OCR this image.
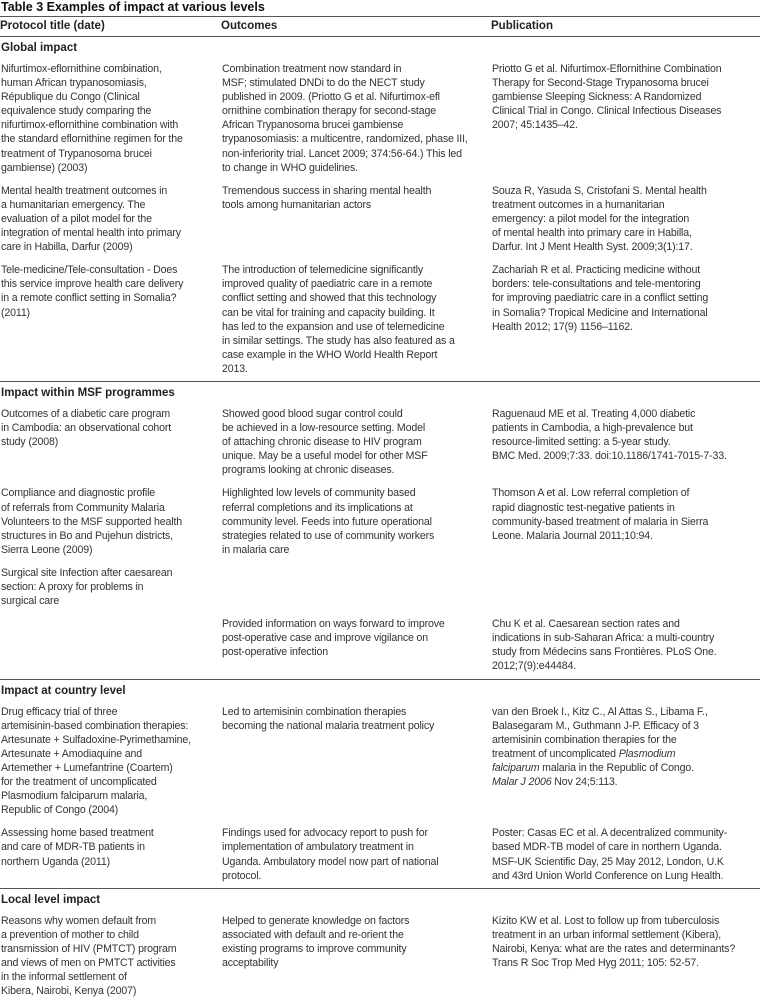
Table 3 Examples of impact at various levels
Protocol title (date)	Outcomes	Publication
Global impact
Nifurtimox-eflornithine combination,
human African trypanosomiasis,
République du Congo (Clinical
equivalence study comparing the
nifurtimox-eflornithine combination with
the standard eflornithine regimen for the
treatment of Trypanosoma brucei
gambiense) (2003)
Combination treatment now standard in
MSF; stimulated DNDi to do the NECT study
published in 2009. (Priotto G et al. Nifurtimox-efl
ornithine combination therapy for second-stage
African Trypanosoma brucei gambiense
trypanosomiasis: a multicentre, randomized, phase III,
non-inferiority trial. Lancet 2009; 374:56-64.) This led
to change in WHO guidelines.
Priotto G et al. Nifurtimox-Eflornithine Combination
Therapy for Second-Stage Trypanosoma brucei
gambiense Sleeping Sickness: A Randomized
Clinical Trial in Congo. Clinical Infectious Diseases
2007; 45:1435–42.
Mental health treatment outcomes in
a humanitarian emergency. The
evaluation of a pilot model for the
integration of mental health into primary
care in Habilla, Darfur (2009)
Tremendous success in sharing mental health
tools among humanitarian actors
Souza R, Yasuda S, Cristofani S. Mental health
treatment outcomes in a humanitarian
emergency: a pilot model for the integration
of mental health into primary care in Habilla,
Darfur. Int J Ment Health Syst. 2009;3(1):17.
Tele-medicine/Tele-consultation - Does
this service improve health care delivery
in a remote conflict setting in Somalia?
(2011)
The introduction of telemedicine significantly
improved quality of paediatric care in a remote
conflict setting and showed that this technology
can be vital for training and capacity building. It
has led to the expansion and use of telemedicine
in similar settings. The study has also featured as a
case example in the WHO World Health Report
2013.
Zachariah R et al. Practicing medicine without
borders: tele-consultations and tele-mentoring
for improving paediatric care in a conflict setting
in Somalia? Tropical Medicine and International
Health 2012; 17(9) 1156–1162.
Impact within MSF programmes
Outcomes of a diabetic care program
in Cambodia: an observational cohort
study (2008)
Showed good blood sugar control could
be achieved in a low-resource setting. Model
of attaching chronic disease to HIV program
unique. May be a useful model for other MSF
programs looking at chronic diseases.
Raguenaud ME et al. Treating 4,000 diabetic
patients in Cambodia, a high-prevalence but
resource-limited setting: a 5-year study.
BMC Med. 2009;7:33. doi:10.1186/1741-7015-7-33.
Compliance and diagnostic profile
of referrals from Community Malaria
Volunteers to the MSF supported health
structures in Bo and Pujehun districts,
Sierra Leone (2009)
Highlighted low levels of community based
referral completions and its implications at
community level. Feeds into future operational
strategies related to use of community workers
in malaria care
Thomson A et al. Low referral completion of
rapid diagnostic test-negative patients in
community-based treatment of malaria in Sierra
Leone. Malaria Journal 2011;10:94.
Surgical site Infection after caesarean
section: A proxy for problems in
surgical care
Provided information on ways forward to improve
post-operative case and improve vigilance on
post-operative infection
Chu K et al. Caesarean section rates and
indications in sub-Saharan Africa: a multi-country
study from Médecins sans Frontières. PLoS One.
2012;7(9):e44484.
Impact at country level
Drug efficacy trial of three
artemisinin-based combination therapies:
Artesunate + Sulfadoxine-Pyrimethamine,
Artesunate + Amodiaquine and
Artemether + Lumefantrine (Coartem)
for the treatment of uncomplicated
Plasmodium falciparum malaria,
Republic of Congo (2004)
Led to artemisinin combination therapies
becoming the national malaria treatment policy
van den Broek I., Kitz C., Al Attas S., Libama F.,
Balasegaram M., Guthmann J-P. Efficacy of 3
artemisinin combination therapies for the
treatment of uncomplicated Plasmodium
falciparum malaria in the Republic of Congo.
Malar J 2006 Nov 24;5:113.
Assessing home based treatment
and care of MDR-TB patients in
northern Uganda (2011)
Findings used for advocacy report to push for
implementation of ambulatory treatment in
Uganda. Ambulatory model now part of national
protocol.
Poster: Casas EC et al. A decentralized community-
based MDR-TB model of care in northern Uganda.
MSF-UK Scientific Day, 25 May 2012, London, U.K
and 43rd Union World Conference on Lung Health.
Local level impact
Reasons why women default from
a prevention of mother to child
transmission of HIV (PMTCT) program
and views of men on PMTCT activities
in the informal settlement of
Kibera, Nairobi, Kenya (2007)
Helped to generate knowledge on factors
associated with default and re-orient the
existing programs to improve community
acceptability
Kizito KW et al. Lost to follow up from tuberculosis
treatment in an urban informal settlement (Kibera),
Nairobi, Kenya: what are the rates and determinants?
Trans R Soc Trop Med Hyg 2011; 105: 52-57.
